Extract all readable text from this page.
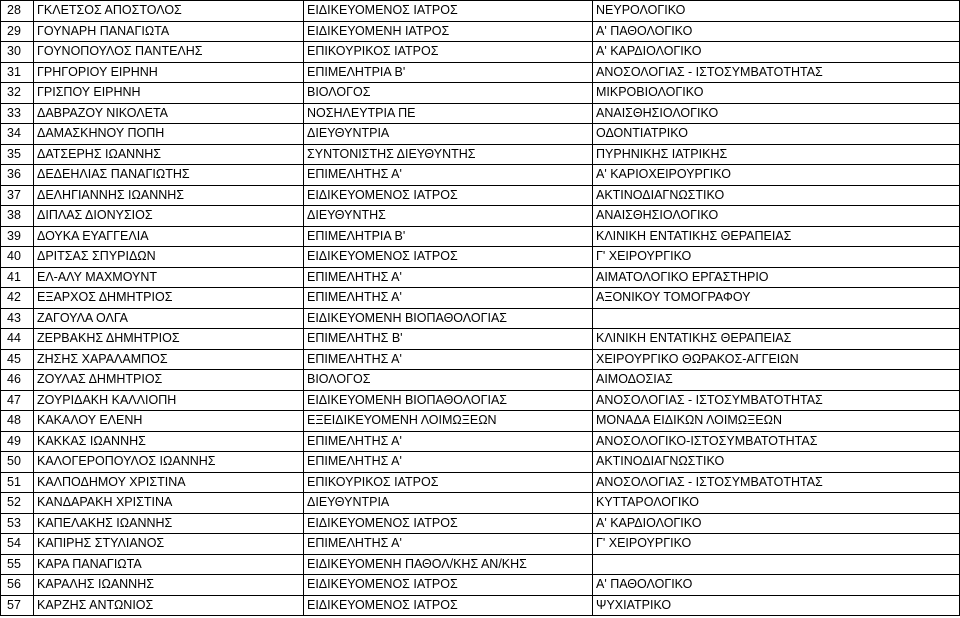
28	ΓΚΛΕΤΣΟΣ ΑΠΟΣΤΟΛΟΣ	ΕΙΔΙΚΕΥΟΜΕΝΟΣ ΙΑΤΡΟΣ	ΝΕΥΡΟΛΟΓΙΚΟ
29	ΓΟΥΝΑΡΗ ΠΑΝΑΓΙΩΤΑ	ΕΙΔΙΚΕΥΟΜΕΝΗ ΙΑΤΡΟΣ	Α' ΠΑΘΟΛΟΓΙΚΟ
30	ΓΟΥΝΟΠΟΥΛΟΣ ΠΑΝΤΕΛΗΣ	ΕΠΙΚΟΥΡΙΚΟΣ ΙΑΤΡΟΣ	Α' ΚΑΡΔΙΟΛΟΓΙΚΟ
31	ΓΡΗΓΟΡΙΟΥ ΕΙΡΗΝΗ	ΕΠΙΜΕΛΗΤΡΙΑ Β'	ΑΝΟΣΟΛΟΓΙΑΣ - ΙΣΤΟΣΥΜΒΑΤΟΤΗΤΑΣ
32	ΓΡΙΣΠΟΥ ΕΙΡΗΝΗ	ΒΙΟΛΟΓΟΣ	ΜΙΚΡΟΒΙΟΛΟΓΙΚΟ
33	ΔΑΒΡΑΖΟΥ ΝΙΚΟΛΕΤΑ	ΝΟΣΗΛΕΥΤΡΙΑ ΠΕ	ΑΝΑΙΣΘΗΣΙΟΛΟΓΙΚΟ
34	ΔΑΜΑΣΚΗΝΟΥ ΠΟΠΗ	ΔΙΕΥΘΥΝΤΡΙΑ	ΟΔΟΝΤΙΑΤΡΙΚΟ
35	ΔΑΤΣΕΡΗΣ ΙΩΑΝΝΗΣ	ΣΥΝΤΟΝΙΣΤΗΣ ΔΙΕΥΘΥΝΤΗΣ	ΠΥΡΗΝΙΚΗΣ ΙΑΤΡΙΚΗΣ
36	ΔΕΔΕΗΛΙΑΣ ΠΑΝΑΓΙΩΤΗΣ	ΕΠΙΜΕΛΗΤΗΣ Α'	Α' ΚΑΡΙΟΧΕΙΡΟΥΡΓΙΚΟ
37	ΔΕΛΗΓΙΑΝΝΗΣ ΙΩΑΝΝΗΣ	ΕΙΔΙΚΕΥΟΜΕΝΟΣ ΙΑΤΡΟΣ	ΑΚΤΙΝΟΔΙΑΓΝΩΣΤΙΚΟ
38	ΔΙΠΛΑΣ ΔΙΟΝΥΣΙΟΣ	ΔΙΕΥΘΥΝΤΗΣ	ΑΝΑΙΣΘΗΣΙΟΛΟΓΙΚΟ
39	ΔΟΥΚΑ ΕΥΑΓΓΕΛΙΑ	ΕΠΙΜΕΛΗΤΡΙΑ Β'	ΚΛΙΝΙΚΗ ΕΝΤΑΤΙΚΗΣ ΘΕΡΑΠΕΙΑΣ
40	ΔΡΙΤΣΑΣ ΣΠΥΡΙΔΩΝ	ΕΙΔΙΚΕΥΟΜΕΝΟΣ ΙΑΤΡΟΣ	Γ' ΧΕΙΡΟΥΡΓΙΚΟ
41	ΕΛ-ΑΛΥ ΜΑΧΜΟΥΝΤ	ΕΠΙΜΕΛΗΤΗΣ Α'	ΑΙΜΑΤΟΛΟΓΙΚΟ ΕΡΓΑΣΤΗΡΙΟ
42	ΕΞΑΡΧΟΣ ΔΗΜΗΤΡΙΟΣ	ΕΠΙΜΕΛΗΤΗΣ Α'	ΑΞΟΝΙΚΟΥ ΤΟΜΟΓΡΑΦΟΥ
43	ΖΑΓΟΥΛΑ ΟΛΓΑ	ΕΙΔΙΚΕΥΟΜΕΝΗ ΒΙΟΠΑΘΟΛΟΓΙΑΣ	
44	ΖΕΡΒΑΚΗΣ ΔΗΜΗΤΡΙΟΣ	ΕΠΙΜΕΛΗΤΗΣ Β'	ΚΛΙΝΙΚΗ ΕΝΤΑΤΙΚΗΣ ΘΕΡΑΠΕΙΑΣ
45	ΖΗΣΗΣ ΧΑΡΑΛΑΜΠΟΣ	ΕΠΙΜΕΛΗΤΗΣ Α'	ΧΕΙΡΟΥΡΓΙΚΟ ΘΩΡΑΚΟΣ-ΑΓΓΕΙΩΝ
46	ΖΟΥΛΑΣ ΔΗΜΗΤΡΙΟΣ	ΒΙΟΛΟΓΟΣ	ΑΙΜΟΔΟΣΙΑΣ
47	ΖΟΥΡΙΔΑΚΗ ΚΑΛΛΙΟΠΗ	ΕΙΔΙΚΕΥΟΜΕΝΗ ΒΙΟΠΑΘΟΛΟΓΙΑΣ	ΑΝΟΣΟΛΟΓΙΑΣ - ΙΣΤΟΣΥΜΒΑΤΟΤΗΤΑΣ
48	ΚΑΚΑΛΟΥ ΕΛΕΝΗ	ΕΞΕΙΔΙΚΕΥΟΜΕΝΗ ΛΟΙΜΩΞΕΩΝ	ΜΟΝΑΔΑ ΕΙΔΙΚΩΝ ΛΟΙΜΩΞΕΩΝ
49	ΚΑΚΚΑΣ ΙΩΑΝΝΗΣ	ΕΠΙΜΕΛΗΤΗΣ Α'	ΑΝΟΣΟΛΟΓΙΚΟ-ΙΣΤΟΣΥΜΒΑΤΟΤΗΤΑΣ
50	ΚΑΛΟΓΕΡΟΠΟΥΛΟΣ ΙΩΑΝΝΗΣ	ΕΠΙΜΕΛΗΤΗΣ Α'	ΑΚΤΙΝΟΔΙΑΓΝΩΣΤΙΚΟ
51	ΚΑΛΠΟΔΗΜΟΥ ΧΡΙΣΤΙΝΑ	ΕΠΙΚΟΥΡΙΚΟΣ ΙΑΤΡΟΣ	ΑΝΟΣΟΛΟΓΙΑΣ - ΙΣΤΟΣΥΜΒΑΤΟΤΗΤΑΣ
52	ΚΑΝΔΑΡΑΚΗ ΧΡΙΣΤΙΝΑ	ΔΙΕΥΘΥΝΤΡΙΑ	ΚΥΤΤΑΡΟΛΟΓΙΚΟ
53	ΚΑΠΕΛΑΚΗΣ ΙΩΑΝΝΗΣ	ΕΙΔΙΚΕΥΟΜΕΝΟΣ ΙΑΤΡΟΣ	Α' ΚΑΡΔΙΟΛΟΓΙΚΟ
54	ΚΑΠΙΡΗΣ ΣΤΥΛΙΑΝΟΣ	ΕΠΙΜΕΛΗΤΗΣ Α'	Γ' ΧΕΙΡΟΥΡΓΙΚΟ
55	ΚΑΡΑ ΠΑΝΑΓΙΩΤΑ	ΕΙΔΙΚΕΥΟΜΕΝΗ ΠΑΘΟΛ/ΚΗΣ ΑΝ/ΚΗΣ	
56	ΚΑΡΑΛΗΣ ΙΩΑΝΝΗΣ	ΕΙΔΙΚΕΥΟΜΕΝΟΣ ΙΑΤΡΟΣ	Α' ΠΑΘΟΛΟΓΙΚΟ
57	ΚΑΡΖΗΣ ΑΝΤΩΝΙΟΣ	ΕΙΔΙΚΕΥΟΜΕΝΟΣ ΙΑΤΡΟΣ	ΨΥΧΙΑΤΡΙΚΟ
